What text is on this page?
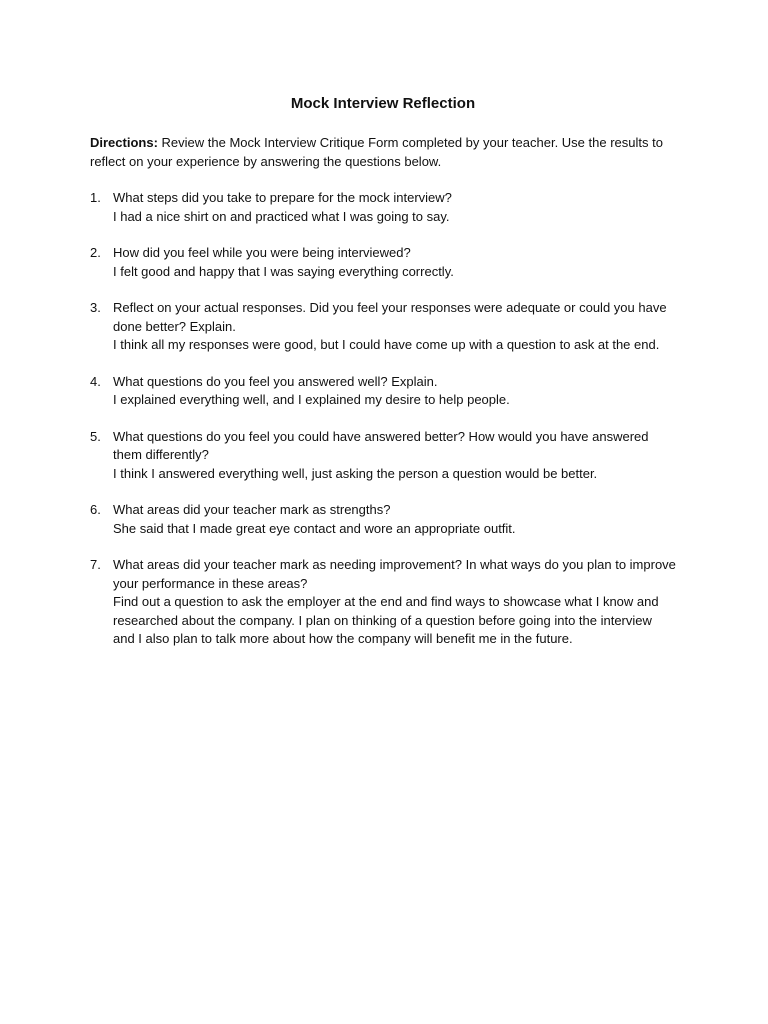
Mock Interview Reflection

Directions: Review the Mock Interview Critique Form completed by your teacher. Use the results to reflect on your experience by answering the questions below.

1. What steps did you take to prepare for the mock interview?
I had a nice shirt on and practiced what I was going to say.
2. How did you feel while you were being interviewed?
I felt good and happy that I was saying everything correctly.
3. Reflect on your actual responses. Did you feel your responses were adequate or could you have done better? Explain.
I think all my responses were good, but I could have come up with a question to ask at the end.
4. What questions do you feel you answered well? Explain.
I explained everything well, and I explained my desire to help people.
5. What questions do you feel you could have answered better? How would you have answered them differently?
I think I answered everything well, just asking the person a question would be better.
6. What areas did your teacher mark as strengths?
She said that I made great eye contact and wore an appropriate outfit.
7. What areas did your teacher mark as needing improvement? In what ways do you plan to improve your performance in these areas?
Find out a question to ask the employer at the end and find ways to showcase what I know and researched about the company. I plan on thinking of a question before going into the interview and I also plan to talk more about how the company will benefit me in the future.
